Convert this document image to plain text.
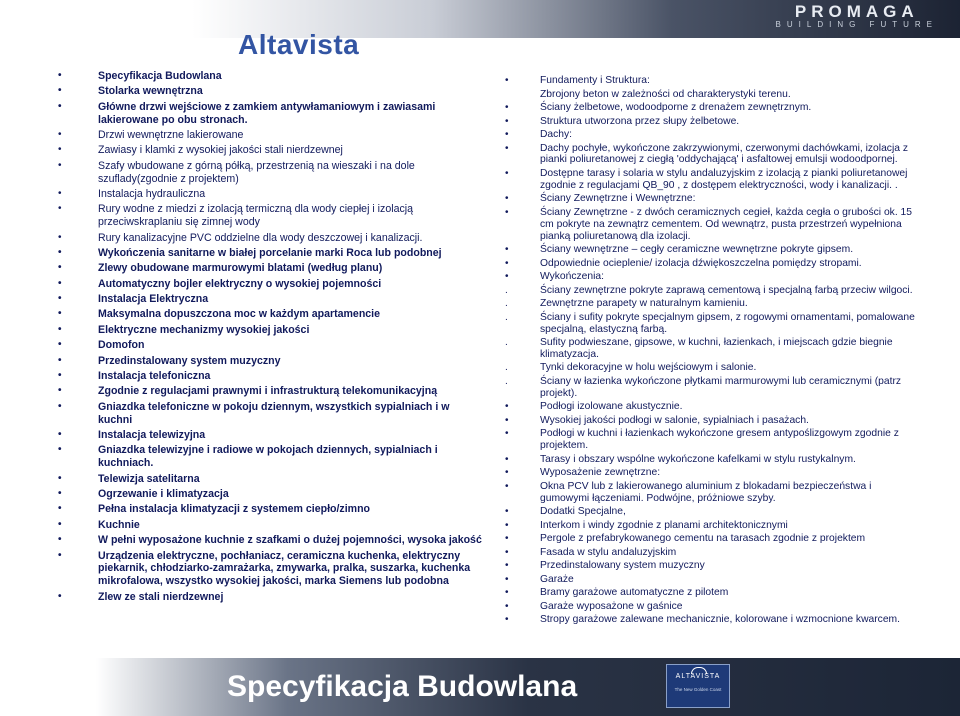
PROMAGA
BUILDING FUTURE
Altavista
•	Specyfikacja Budowlana
•	Stolarka wewnętrzna
•	Główne drzwi wejściowe z zamkiem antywłamaniowym i zawiasami lakierowane po obu stronach.
•	Drzwi wewnętrzne lakierowane
•	Zawiasy i klamki z wysokiej jakości stali nierdzewnej
•	Szafy wbudowane z górną półką, przestrzenią na wieszaki i na dole szuflady(zgodnie z projektem)
•	Instalacja hydrauliczna
•	Rury wodne z miedzi z izolacją termiczną dla wody ciepłej i izolacją przeciwskraplaniu się zimnej wody
•	Rury kanalizacyjne PVC oddzielne dla wody deszczowej i kanalizacji.
•	Wykończenia sanitarne w białej porcelanie marki Roca lub podobnej
•	Zlewy obudowane marmurowymi blatami (według planu)
•	Automatyczny bojler elektryczny o wysokiej pojemności
•	Instalacja Elektryczna
•	Maksymalna dopuszczona moc w każdym apartamencie
•	Elektryczne mechanizmy wysokiej jakości
•	Domofon
•	Przedinstalowany system muzyczny
•	Instalacja telefoniczna
•	Zgodnie z regulacjami prawnymi i infrastrukturą telekomunikacyjną
•	Gniazdka telefoniczne w pokoju dziennym, wszystkich sypialniach i w kuchni
•	Instalacja telewizyjna
•	Gniazdka telewizyjne i radiowe w pokojach dziennych, sypialniach i kuchniach.
•	Telewizja satelitarna
•	Ogrzewanie i klimatyzacja
•	Pełna instalacja klimatyzacji z systemem ciepło/zimno
•	Kuchnie
•	W pełni wyposażone kuchnie z szafkami o dużej pojemności, wysoka jakość
•	Urządzenia elektryczne, pochłaniacz, ceramiczna kuchenka, elektryczny piekarnik, chłodziarko-zamrażarka, zmywarka, pralka, suszarka, kuchenka mikrofalowa, wszystko wysokiej jakości, marka Siemens lub podobna
•	Zlew ze stali nierdzewnej
•	Fundamenty i Struktura:
Zbrojony beton w zależności od charakterystyki terenu.
•	Ściany żelbetowe, wodoodporne z drenażem zewnętrznym.
•	Struktura utworzona przez słupy żelbetowe.
•	Dachy:
•	Dachy pochyłe, wykończone zakrzywionymi, czerwonymi dachówkami, izolacja z pianki poliuretanowej z ciegłą 'oddychającą' i asfaltowej emulsji wodoodpornej.
•	Dostępne tarasy i solaria w stylu andaluzyjskim z izolacją z pianki poliuretanowej zgodnie z regulacjami QB_90 , z dostępem elektryczności, wody i kanalizacji. .
•	Ściany Zewnętrzne i Wewnętrzne:
•	Ściany Zewnętrzne - z dwóch ceramicznych cegieł, każda cegła o grubości ok. 15 cm pokryte na zewnątrz cementem. Od wewnątrz, pusta przestrzeń wypełniona pianką poliuretanową dla izolacji.
•	Ściany wewnętrzne – cegły ceramiczne wewnętrzne pokryte gipsem.
•	Odpowiednie ocieplenie/ izolacja dźwiękoszczelna pomiędzy stropami.
•	Wykończenia:
.	Ściany zewnętrzne pokryte zaprawą cementową i specjalną farbą przeciw wilgoci.
.	Zewnętrzne parapety w naturalnym kamieniu.
.	Ściany i sufity pokryte specjalnym gipsem, z rogowymi ornamentami, pomalowane specjalną, elastyczną farbą.
.	Sufity podwieszane, gipsowe, w kuchni, łazienkach, i miejscach gdzie biegnie klimatyzacja.
.	Tynki dekoracyjne w holu wejściowym i salonie.
.	Ściany w łazienka wykończone płytkami marmurowymi lub ceramicznymi (patrz projekt).
•	Podłogi izolowane akustycznie.
•	Wysokiej jakości podłogi w salonie, sypialniach i pasażach.
•	Podłogi w kuchni i łazienkach wykończone gresem antypoślizgowym zgodnie z projektem.
•	Tarasy i obszary wspólne wykończone kafelkami w stylu rustykalnym.
•	Wyposażenie zewnętrzne:
•	Okna PCV lub z lakierowanego aluminium z blokadami bezpieczeństwa i gumowymi łączeniami. Podwójne, próżniowe szyby.
•	Dodatki Specjalne,
•	Interkom i windy zgodnie z planami architektonicznymi
•	Pergole z prefabrykowanego cementu na tarasach zgodnie z projektem
•	Fasada w stylu andaluzyjskim
•	Przedinstalowany system muzyczny
•	Garaże
•	Bramy garażowe automatyczne z pilotem
•	Garaże wyposażone w gaśnice
•	Stropy garażowe zalewane mechanicznie, kolorowane i wzmocnione kwarcem.
Specyfikacja Budowlana	ALTAVISTA
The New Golden Coast
